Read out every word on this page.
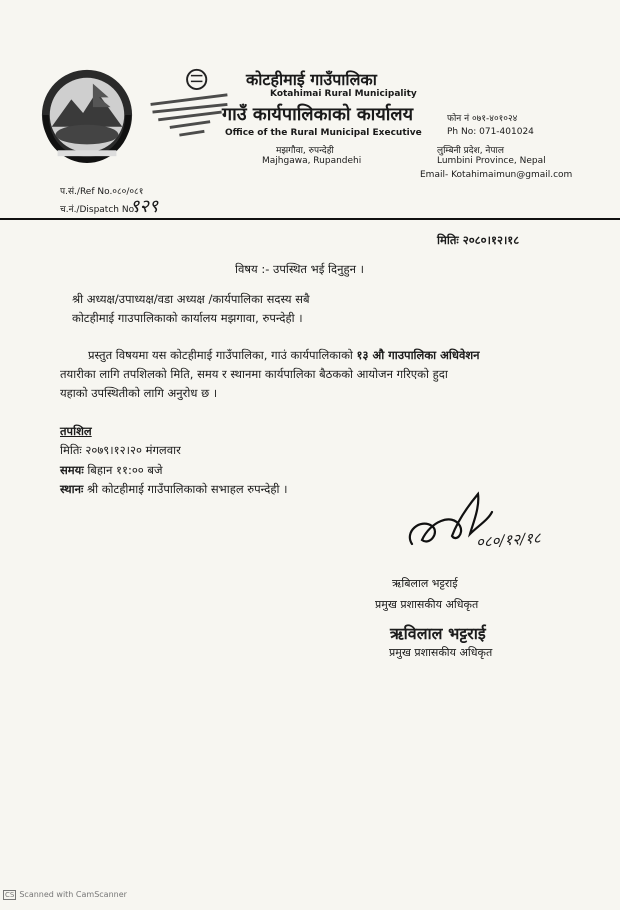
कोटहीमाई गाउँपालिका
Kotahimai Rural Municipality
गाउँ कार्यपालिकाको कार्यालय
Office of the Rural Municipal Executive
मझगौवा, रुपन्देही
Majhgawa, Rupandehi
फोन नं ०७१-४०१०२४
Ph No: 071-401024
लुम्बिनी प्रदेश, नेपाल
Lumbini Province, Nepal
Email- Kotahimaimun@gmail.com
प.सं./Ref No.०८०/०८१
च.नं./Dispatch No.
९२९
मितिः २०८०।१२।१८
विषय :- उपस्थित भई दिनुहुन ।
श्री अध्यक्ष/उपाध्यक्ष/वडा अध्यक्ष /कार्यपालिका सदस्य सबै
कोटहीमाई गाउपालिकाको कार्यालय मझगावा, रुपन्देही ।
प्रस्तुत विषयमा यस कोटहीमाई गाउँपालिका, गाउं कार्यपालिकाको १३ औ गाउपालिका अधिवेशन
तयारीका लागि तपशिलको मिति, समय र स्थानमा कार्यपालिका बैठकको आयोजन गरिएको हुदा
यहाको उपस्थितीको लागि अनुरोध छ ।
तपशिल
मितिः २०७९।१२।२० मंगलवार
समयः बिहान ११:०० बजे
स्थानः श्री कोटहीमाई गाउँपालिकाको सभाहल रुपन्देही ।
०८०/१२/१८
ऋबिलाल भट्टराई
प्रमुख प्रशासकीय अधिकृत
ऋविलाल भट्टराई
प्रमुख प्रशासकीय अधिकृत
CS Scanned with CamScanner
